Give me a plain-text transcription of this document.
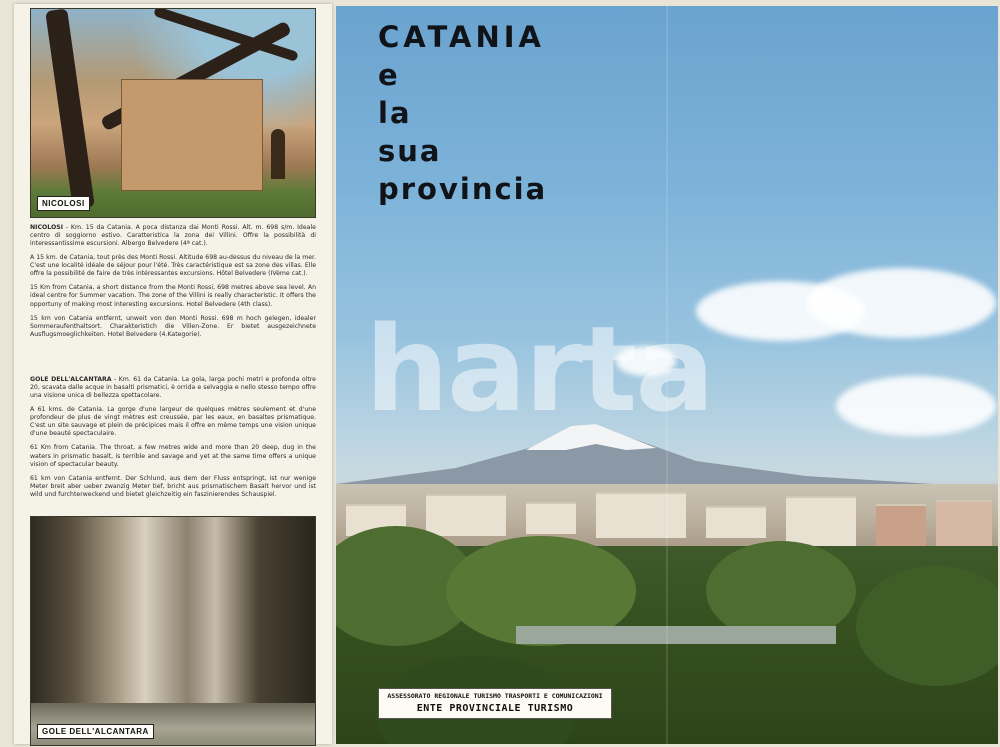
NICOLOSI

NICOLOSI - Km. 15 da Catania. A poca distanza dai Monti Rossi. Alt. m. 698 s/m. Ideale centro di soggiorno estivo. Caratteristica la zona dei Villini. Offre la possibilità di interessantissime escursioni. Albergo Belvedere (4ª cat.).

A 15 km. de Catania, tout près des Monti Rossi. Altitude 698 au-dessus du niveau de la mer. C'est une localité idéale de séjour pour l'été. Très caractéristique est sa zone des villas. Elle offre la possibilité de faire de très intéressantes excursions. Hôtel Belvedere (IVème cat.).

15 Km from Catania, a short distance from the Monti Rossi, 698 metres above sea level. An ideal centre for Summer vacation. The zone of the Villini is really characteristic. It offers the opportuny of making most interesting excursions. Hotel Belvedere (4th class).

15 km von Catania entfernt, unweit von den Monti Rossi. 698 m hoch gelegen, idealer Sommeraufenthaltsort. Charakteristich die Villen-Zone. Er bietet ausgezeichnete Ausflugsmoeglichkeiten. Hotel Belvedere (4.Kategorie).

GOLE DELL'ALCANTARA - Km. 61 da Catania. La gola, larga pochi metri e profonda oltre 20, scavata dalle acque in basalti prismatici, è orrida e selvaggia e nello stesso tempo offre una visione unica di bellezza spettacolare.

A 61 kms. de Catania. La gorge d'une largeur de quelques mètres seulement et d'une profondeur de plus de vingt mètres est creussée, par les eaux, en basaltes prismatique. C'est un site sauvage et plein de précipices mais il offre en même temps une vision unique d'une beauté spectaculaire.

61 Km from Catania. The throat, a few metres wide and more than 20 deep, dug in the waters in prismatic basalt, is terrible and savage and yet at the same time offers a unique vision of spectacular beauty.

61 km von Catania entfernt. Der Schlund, aus dem der Fluss entspringt, ist nur wenige Meter breit aber ueber zwanzig Meter tief, bricht aus prismatischem Basalt hervor und ist wild und furchterweckend und bietet gleichzeitig ein faszinierendes Schauspiel.

GOLE DELL'ALCANTARA
CATANIA
e
la
sua
provincia
harta
ASSESSORATO REGIONALE TURISMO TRASPORTI E COMUNICAZIONI
ENTE PROVINCIALE TURISMO
